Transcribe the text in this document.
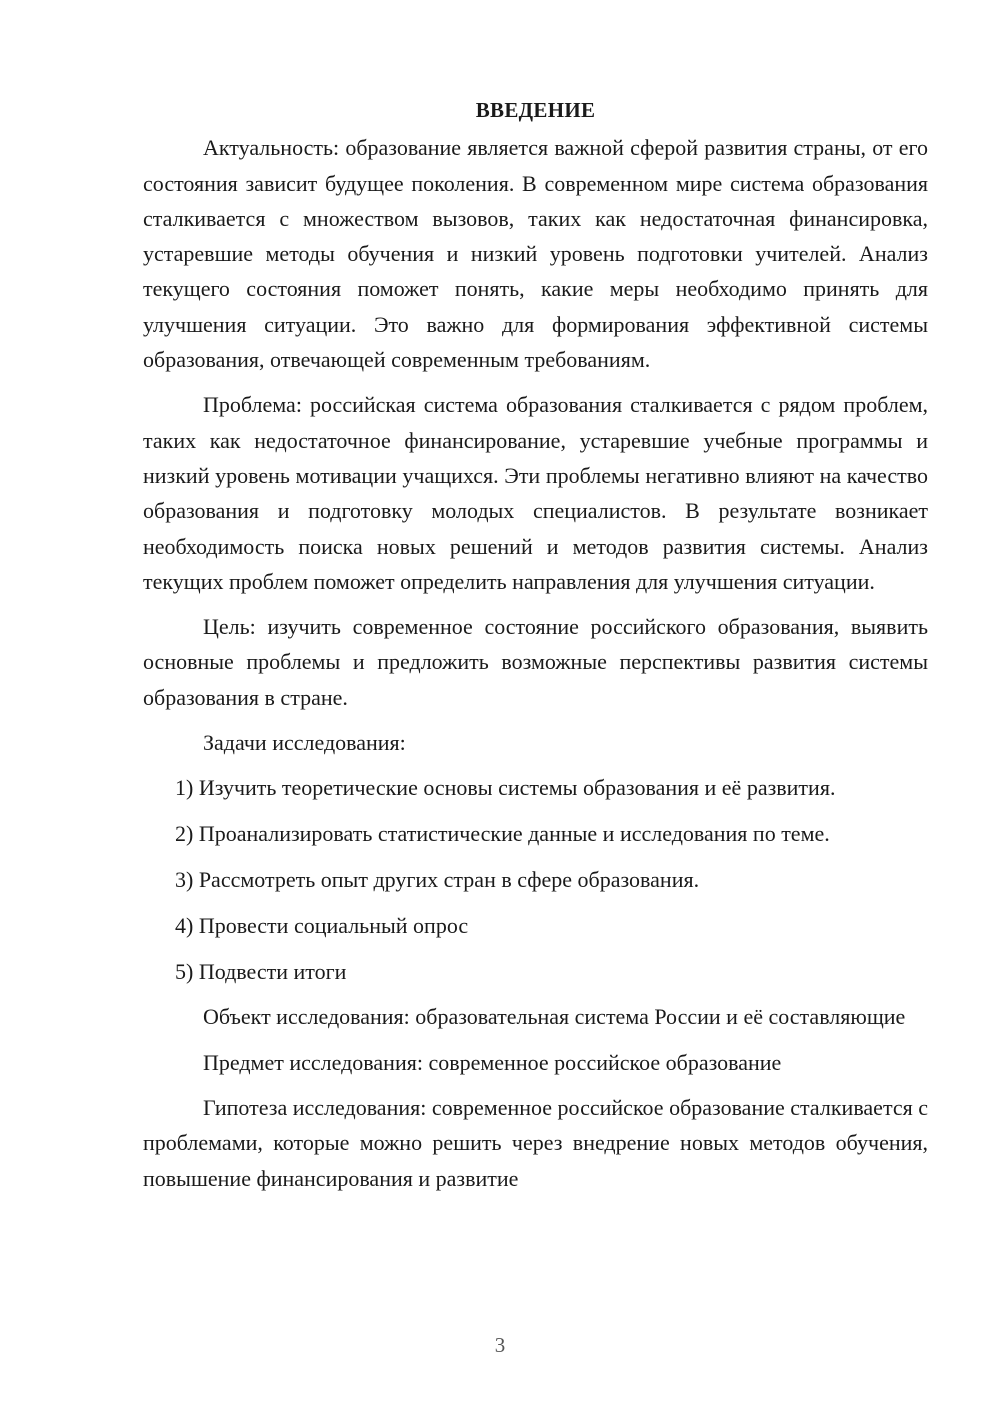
ВВЕДЕНИЕ

Актуальность: образование является важной сферой развития страны, от его состояния зависит будущее поколения. В современном мире система образования сталкивается с множеством вызовов, таких как недостаточная финансировка, устаревшие методы обучения и низкий уровень подготовки учителей. Анализ текущего состояния поможет понять, какие меры необходимо принять для улучшения ситуации. Это важно для формирования эффективной системы образования, отвечающей современным требованиям.

Проблема: российская система образования сталкивается с рядом проблем, таких как недостаточное финансирование, устаревшие учебные программы и низкий уровень мотивации учащихся. Эти проблемы негативно влияют на качество образования и подготовку молодых специалистов. В результате возникает необходимость поиска новых решений и методов развития системы. Анализ текущих проблем поможет определить направления для улучшения ситуации.

Цель: изучить современное состояние российского образования, выявить основные проблемы и предложить возможные перспективы развития системы образования в стране.

Задачи исследования:

1) Изучить теоретические основы системы образования и её развития.
2) Проанализировать статистические данные и исследования по теме.
3) Рассмотреть опыт других стран в сфере образования.
4) Провести социальный опрос
5) Подвести итоги

Объект исследования: образовательная система России и её составляющие

Предмет исследования: современное российское образование

Гипотеза исследования: современное российское образование сталкивается с проблемами, которые можно решить через внедрение новых методов обучения, повышение финансирования и развитие

3
